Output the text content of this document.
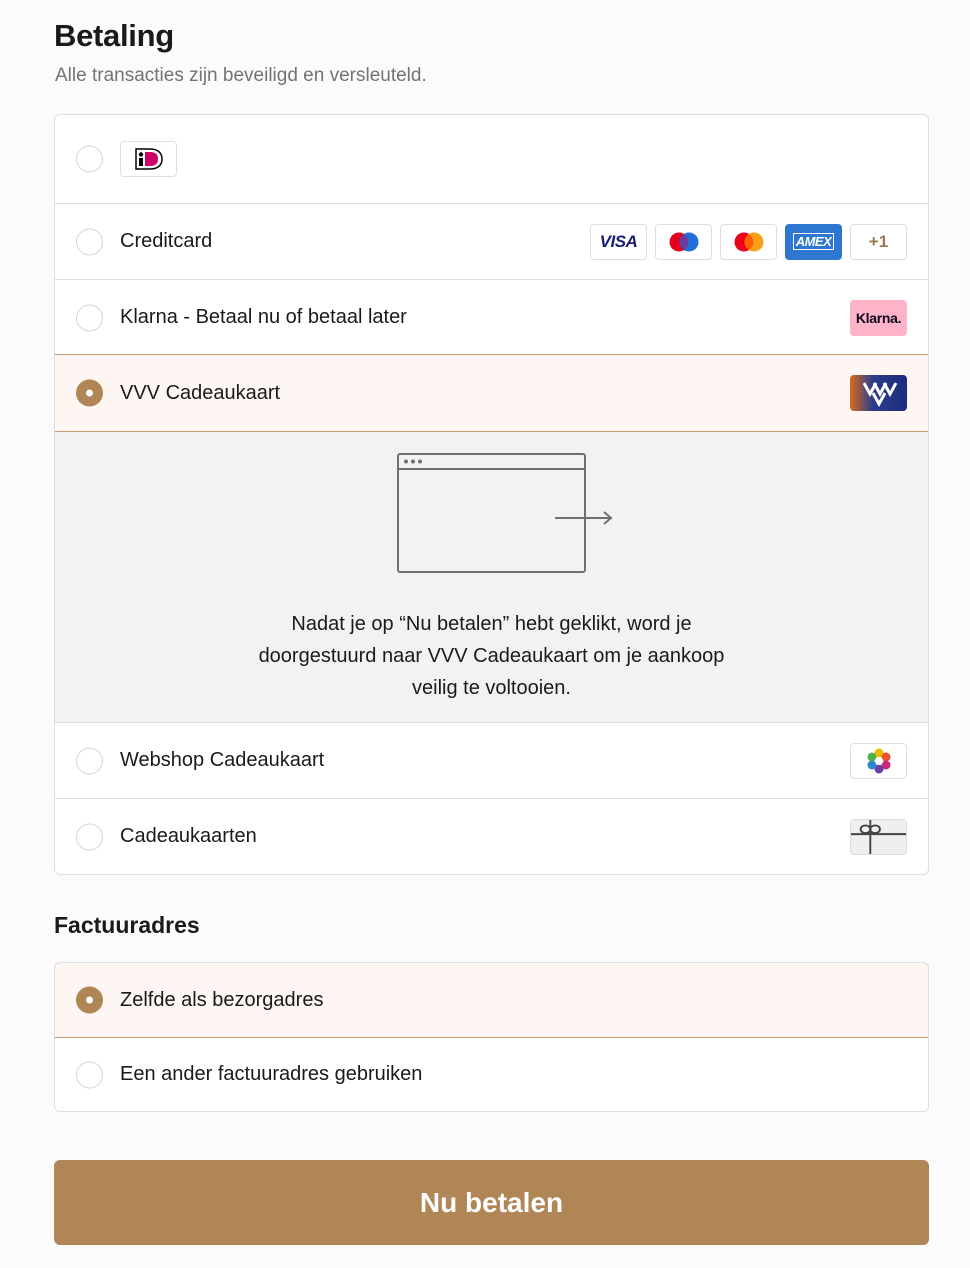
Betaling
Alle transacties zijn beveiligd en versleuteld.
Creditcard	VISA	AMEX +1
Klarna - Betaal nu of betaal later	Klarna.
VVV Cadeaukaart
Nadat je op “Nu betalen” hebt geklikt, word je doorgestuurd naar VVV Cadeaukaart om je aankoop veilig te voltooien.
Webshop Cadeaukaart
Cadeaukaarten
Factuuradres
Zelfde als bezorgadres
Een ander factuuradres gebruiken
Nu betalen
